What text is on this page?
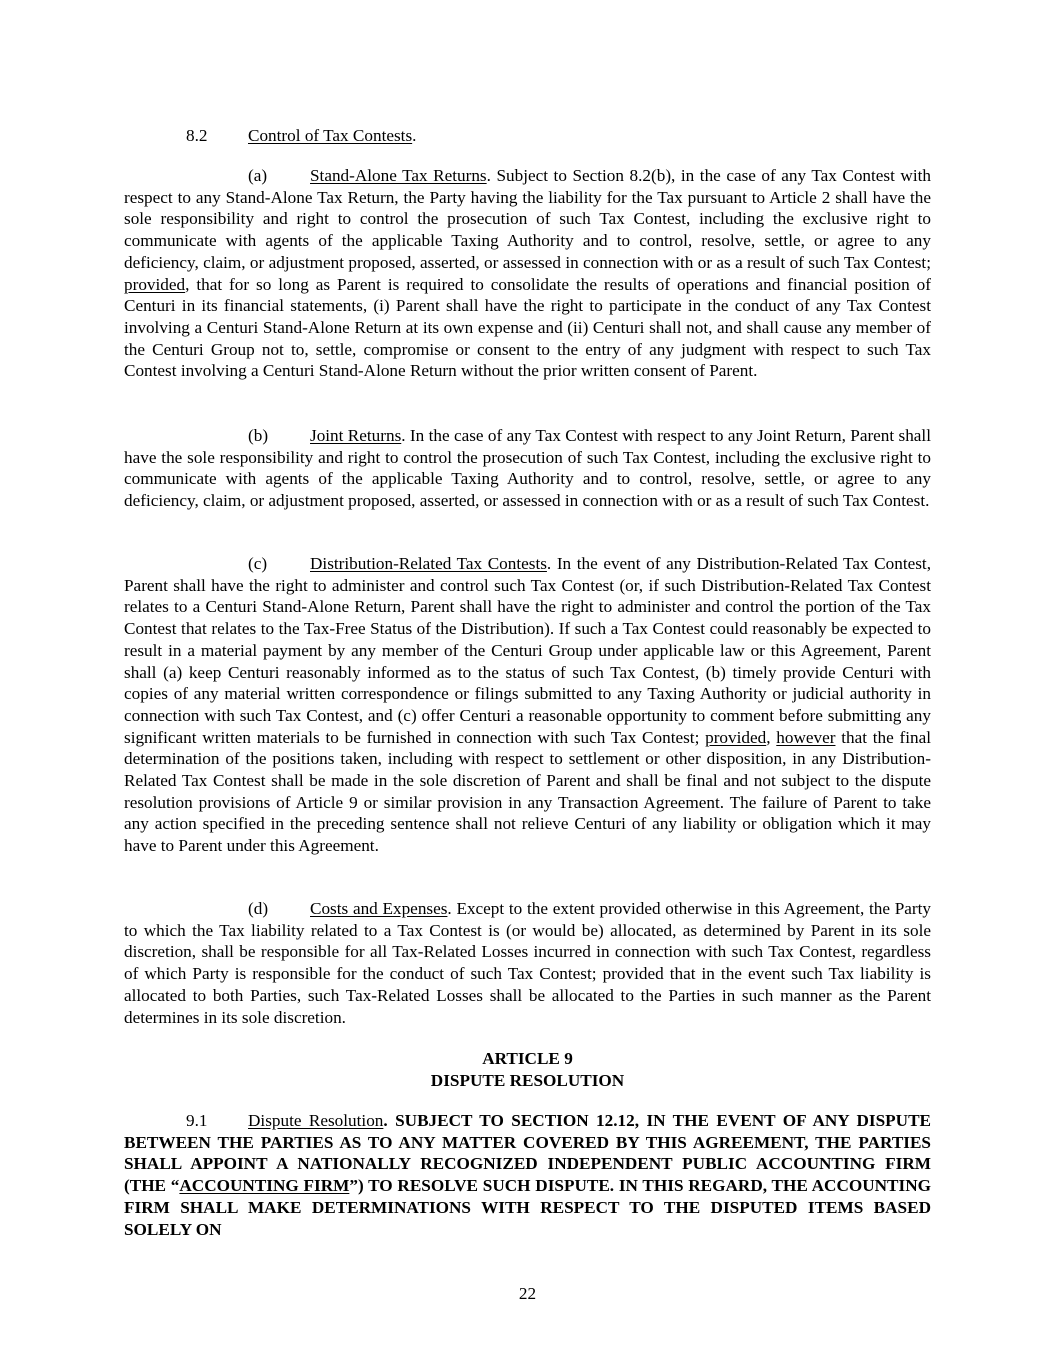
8.2 Control of Tax Contests.

(a) Stand-Alone Tax Returns. Subject to Section 8.2(b), in the case of any Tax Contest with respect to any Stand-Alone Tax Return, the Party having the liability for the Tax pursuant to Article 2 shall have the sole responsibility and right to control the prosecution of such Tax Contest, including the exclusive right to communicate with agents of the applicable Taxing Authority and to control, resolve, settle, or agree to any deficiency, claim, or adjustment proposed, asserted, or assessed in connection with or as a result of such Tax Contest; provided, that for so long as Parent is required to consolidate the results of operations and financial position of Centuri in its financial statements, (i) Parent shall have the right to participate in the conduct of any Tax Contest involving a Centuri Stand-Alone Return at its own expense and (ii) Centuri shall not, and shall cause any member of the Centuri Group not to, settle, compromise or consent to the entry of any judgment with respect to such Tax Contest involving a Centuri Stand-Alone Return without the prior written consent of Parent.

(b) Joint Returns. In the case of any Tax Contest with respect to any Joint Return, Parent shall have the sole responsibility and right to control the prosecution of such Tax Contest, including the exclusive right to communicate with agents of the applicable Taxing Authority and to control, resolve, settle, or agree to any deficiency, claim, or adjustment proposed, asserted, or assessed in connection with or as a result of such Tax Contest.

(c) Distribution-Related Tax Contests. In the event of any Distribution-Related Tax Contest, Parent shall have the right to administer and control such Tax Contest (or, if such Distribution-Related Tax Contest relates to a Centuri Stand-Alone Return, Parent shall have the right to administer and control the portion of the Tax Contest that relates to the Tax-Free Status of the Distribution). If such a Tax Contest could reasonably be expected to result in a material payment by any member of the Centuri Group under applicable law or this Agreement, Parent shall (a) keep Centuri reasonably informed as to the status of such Tax Contest, (b) timely provide Centuri with copies of any material written correspondence or filings submitted to any Taxing Authority or judicial authority in connection with such Tax Contest, and (c) offer Centuri a reasonable opportunity to comment before submitting any significant written materials to be furnished in connection with such Tax Contest; provided, however that the final determination of the positions taken, including with respect to settlement or other disposition, in any Distribution-Related Tax Contest shall be made in the sole discretion of Parent and shall be final and not subject to the dispute resolution provisions of Article 9 or similar provision in any Transaction Agreement. The failure of Parent to take any action specified in the preceding sentence shall not relieve Centuri of any liability or obligation which it may have to Parent under this Agreement.

(d) Costs and Expenses. Except to the extent provided otherwise in this Agreement, the Party to which the Tax liability related to a Tax Contest is (or would be) allocated, as determined by Parent in its sole discretion, shall be responsible for all Tax-Related Losses incurred in connection with such Tax Contest, regardless of which Party is responsible for the conduct of such Tax Contest; provided that in the event such Tax liability is allocated to both Parties, such Tax-Related Losses shall be allocated to the Parties in such manner as the Parent determines in its sole discretion.

ARTICLE 9
DISPUTE RESOLUTION

9.1 Dispute Resolution. SUBJECT TO SECTION 12.12, IN THE EVENT OF ANY DISPUTE BETWEEN THE PARTIES AS TO ANY MATTER COVERED BY THIS AGREEMENT, THE PARTIES SHALL APPOINT A NATIONALLY RECOGNIZED INDEPENDENT PUBLIC ACCOUNTING FIRM (THE “ACCOUNTING FIRM”) TO RESOLVE SUCH DISPUTE. IN THIS REGARD, THE ACCOUNTING FIRM SHALL MAKE DETERMINATIONS WITH RESPECT TO THE DISPUTED ITEMS BASED SOLELY ON

22
